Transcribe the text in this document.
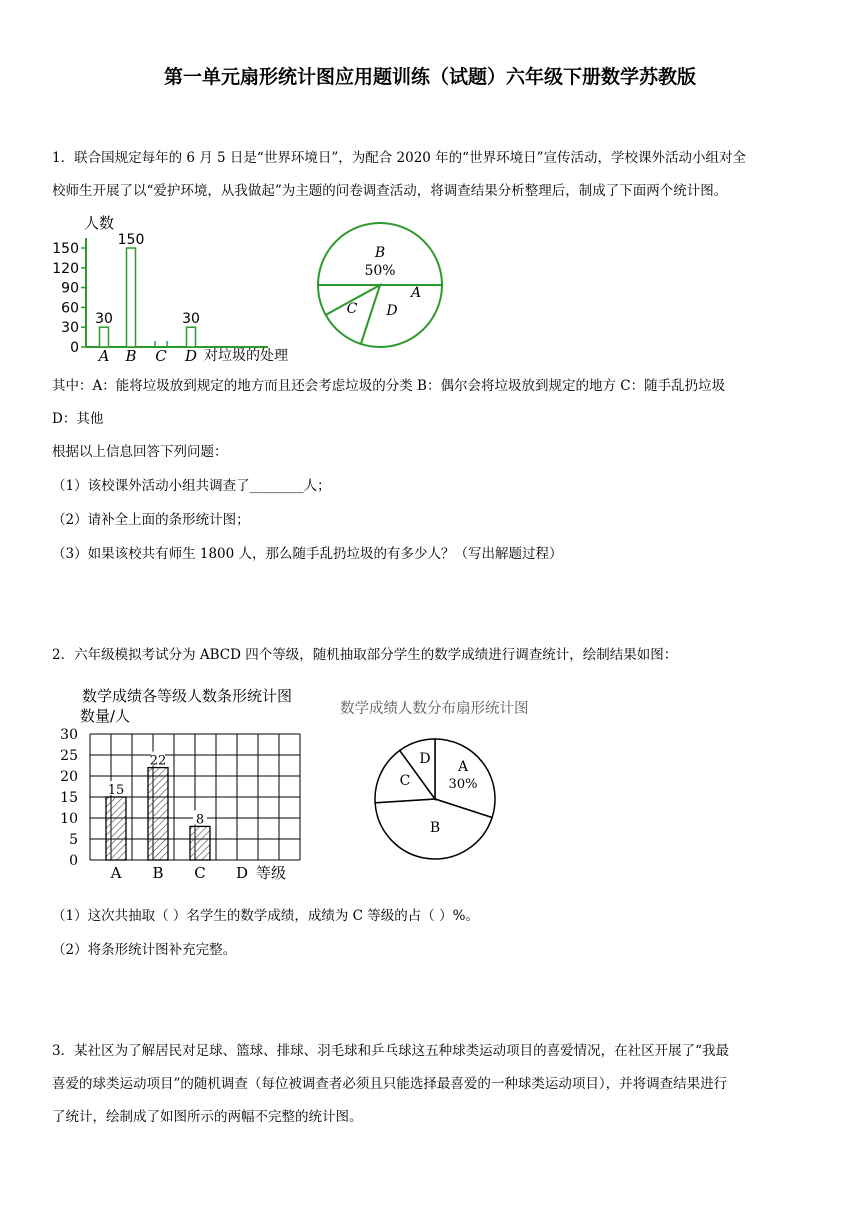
第一单元扇形统计图应用题训练（试题）六年级下册数学苏教版
1．联合国规定每年的 6 月 5 日是“世界环境日”，为配合 2020 年的“世界环境日”宣传活动，学校课外活动小组对全
校师生开展了以“爱护环境，从我做起”为主题的问卷调查活动，将调查结果分析整理后，制成了下面两个统计图。
人数
对垃圾的处理
0
30
60
90
120
150
30
150
30
A B C D
B
C D
A
50%
其中：A：能将垃圾放到规定的地方而且还会考虑垃圾的分类 B：偶尔会将垃圾放到规定的地方 C：随手乱扔垃圾
D：其他
根据以上信息回答下列问题：
（1）该校课外活动小组共调查了________人；
（2）请补全上面的条形统计图；
（3）如果该校共有师生 1800 人，那么随手乱扔垃圾的有多少人？（写出解题过程）
2．六年级模拟考试分为 ABCD 四个等级，随机抽取部分学生的数学成绩进行调查统计，绘制结果如图：
数学成绩各等级人数条形统计图
数量/人
等级
0
5
10
15
20
25
30
15
22
8
A B C D
数学成绩人数分布扇形统计图
A
B
C
D
30%
（1）这次共抽取（ ）名学生的数学成绩，成绩为 C 等级的占（ ）%。
（2）将条形统计图补充完整。
3．某社区为了解居民对足球、篮球、排球、羽毛球和乒乓球这五种球类运动项目的喜爱情况，在社区开展了“我最
喜爱的球类运动项目”的随机调查（每位被调查者必须且只能选择最喜爱的一种球类运动项目），并将调查结果进行
了统计，绘制成了如图所示的两幅不完整的统计图。
